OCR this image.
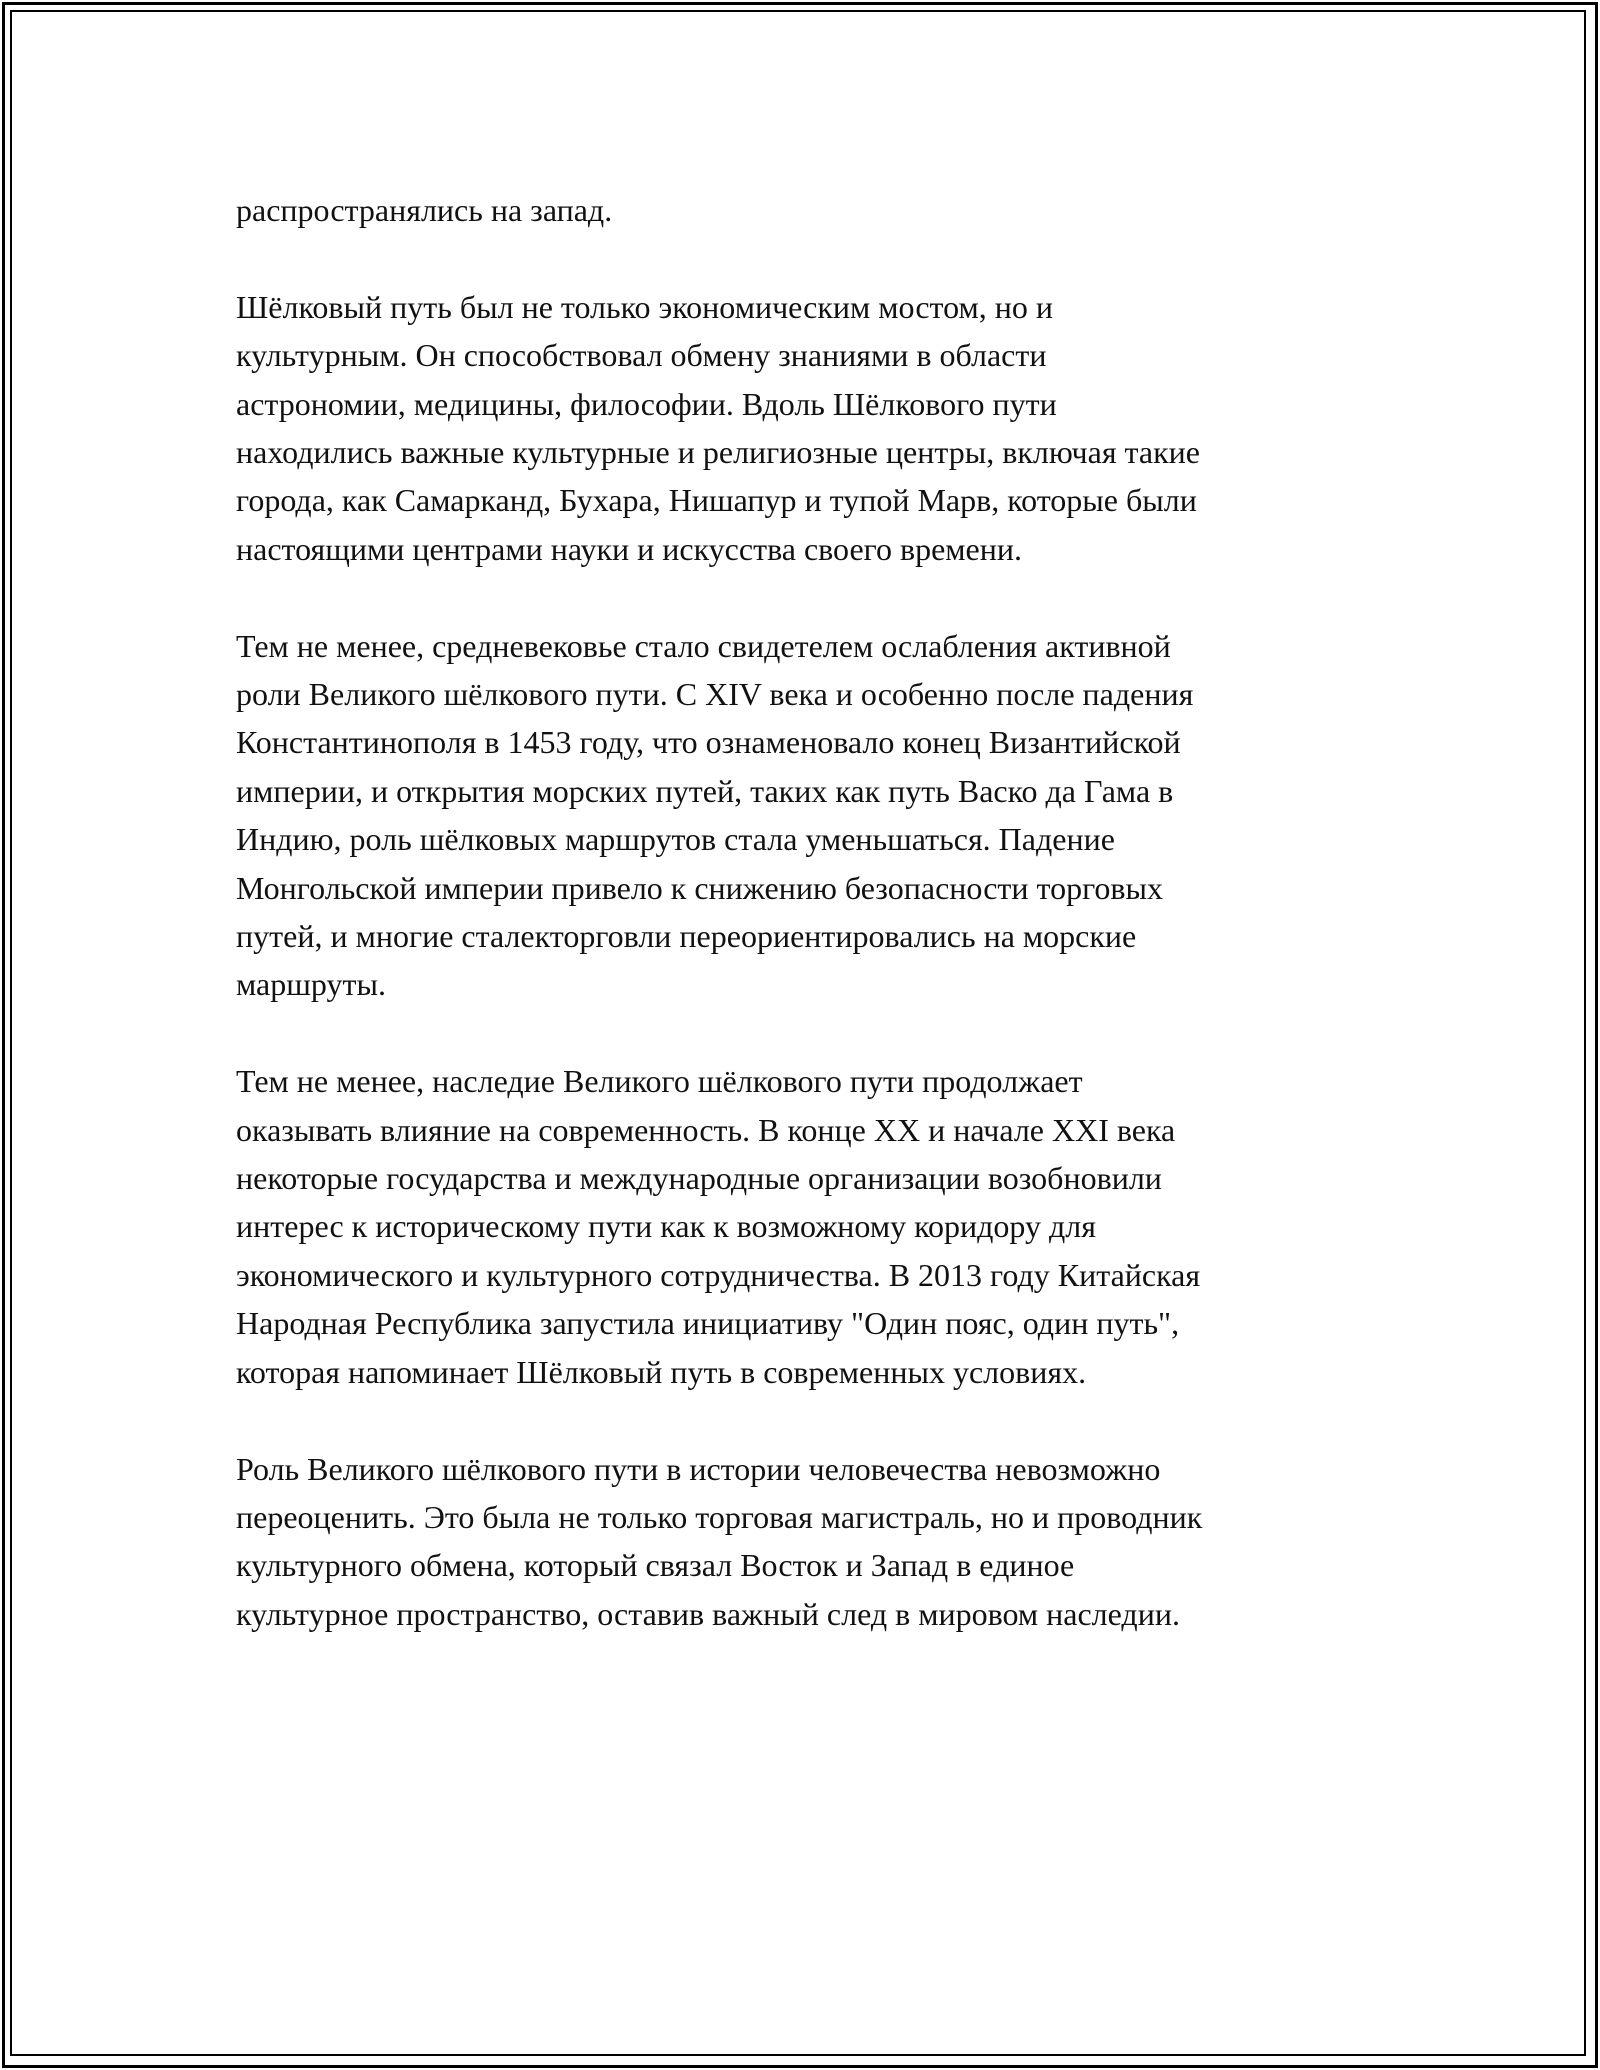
распространялись на запад.

Шёлковый путь был не только экономическим мостом, но и
культурным. Он способствовал обмену знаниями в области
астрономии, медицины, философии. Вдоль Шёлкового пути
находились важные культурные и религиозные центры, включая такие
города, как Самарканд, Бухара, Нишапур и тупой Марв, которые были
настоящими центрами науки и искусства своего времени.

Тем не менее, средневековье стало свидетелем ослабления активной
роли Великого шёлкового пути. С XIV века и особенно после падения
Константинополя в 1453 году, что ознаменовало конец Византийской
империи, и открытия морских путей, таких как путь Васко да Гама в
Индию, роль шёлковых маршрутов стала уменьшаться. Падение
Монгольской империи привело к снижению безопасности торговых
путей, и многие сталекторговли переориентировались на морские
маршруты.

Тем не менее, наследие Великого шёлкового пути продолжает
оказывать влияние на современность. В конце XX и начале XXI века
некоторые государства и международные организации возобновили
интерес к историческому пути как к возможному коридору для
экономического и культурного сотрудничества. В 2013 году Китайская
Народная Республика запустила инициативу "Один пояс, один путь",
которая напоминает Шёлковый путь в современных условиях.

Роль Великого шёлкового пути в истории человечества невозможно
переоценить. Это была не только торговая магистраль, но и проводник
культурного обмена, который связал Восток и Запад в единое
культурное пространство, оставив важный след в мировом наследии.
